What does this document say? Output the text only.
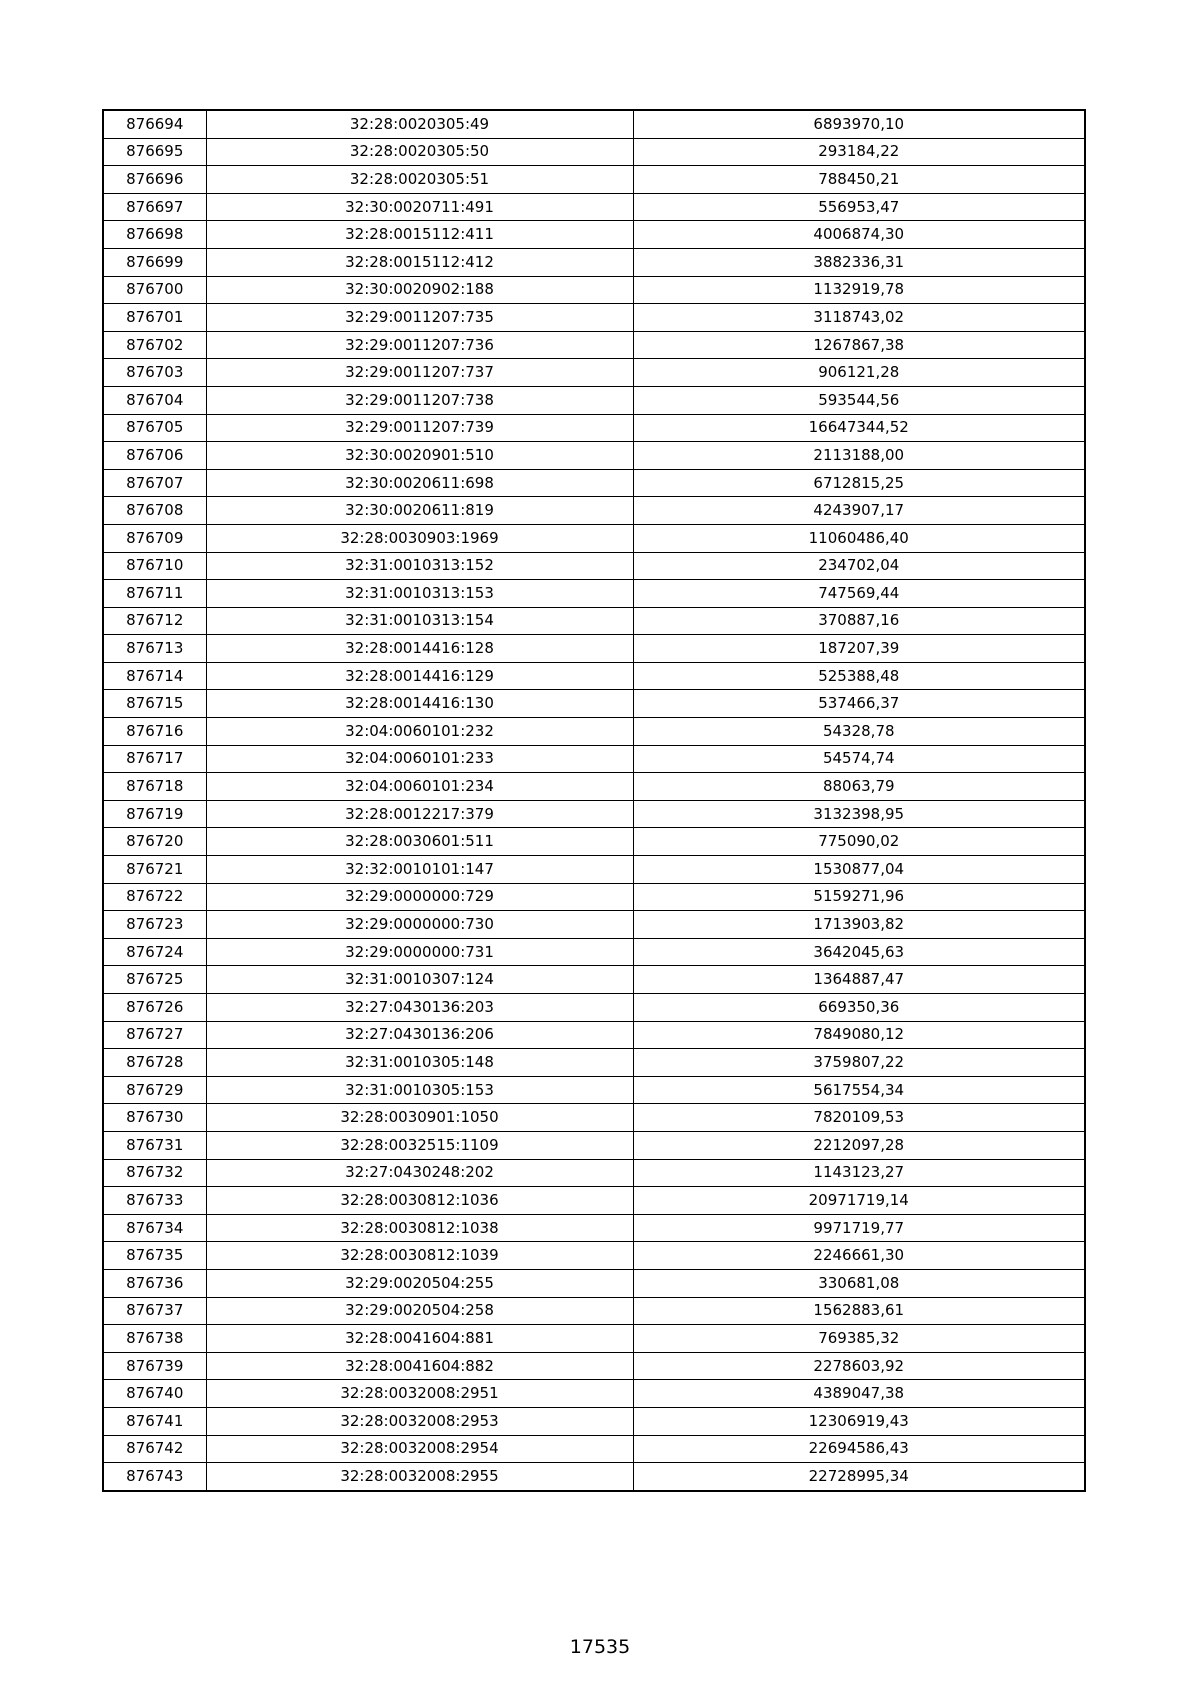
876694	32:28:0020305:49	6893970,10
876695	32:28:0020305:50	293184,22
876696	32:28:0020305:51	788450,21
876697	32:30:0020711:491	556953,47
876698	32:28:0015112:411	4006874,30
876699	32:28:0015112:412	3882336,31
876700	32:30:0020902:188	1132919,78
876701	32:29:0011207:735	3118743,02
876702	32:29:0011207:736	1267867,38
876703	32:29:0011207:737	906121,28
876704	32:29:0011207:738	593544,56
876705	32:29:0011207:739	16647344,52
876706	32:30:0020901:510	2113188,00
876707	32:30:0020611:698	6712815,25
876708	32:30:0020611:819	4243907,17
876709	32:28:0030903:1969	11060486,40
876710	32:31:0010313:152	234702,04
876711	32:31:0010313:153	747569,44
876712	32:31:0010313:154	370887,16
876713	32:28:0014416:128	187207,39
876714	32:28:0014416:129	525388,48
876715	32:28:0014416:130	537466,37
876716	32:04:0060101:232	54328,78
876717	32:04:0060101:233	54574,74
876718	32:04:0060101:234	88063,79
876719	32:28:0012217:379	3132398,95
876720	32:28:0030601:511	775090,02
876721	32:32:0010101:147	1530877,04
876722	32:29:0000000:729	5159271,96
876723	32:29:0000000:730	1713903,82
876724	32:29:0000000:731	3642045,63
876725	32:31:0010307:124	1364887,47
876726	32:27:0430136:203	669350,36
876727	32:27:0430136:206	7849080,12
876728	32:31:0010305:148	3759807,22
876729	32:31:0010305:153	5617554,34
876730	32:28:0030901:1050	7820109,53
876731	32:28:0032515:1109	2212097,28
876732	32:27:0430248:202	1143123,27
876733	32:28:0030812:1036	20971719,14
876734	32:28:0030812:1038	9971719,77
876735	32:28:0030812:1039	2246661,30
876736	32:29:0020504:255	330681,08
876737	32:29:0020504:258	1562883,61
876738	32:28:0041604:881	769385,32
876739	32:28:0041604:882	2278603,92
876740	32:28:0032008:2951	4389047,38
876741	32:28:0032008:2953	12306919,43
876742	32:28:0032008:2954	22694586,43
876743	32:28:0032008:2955	22728995,34
17535
